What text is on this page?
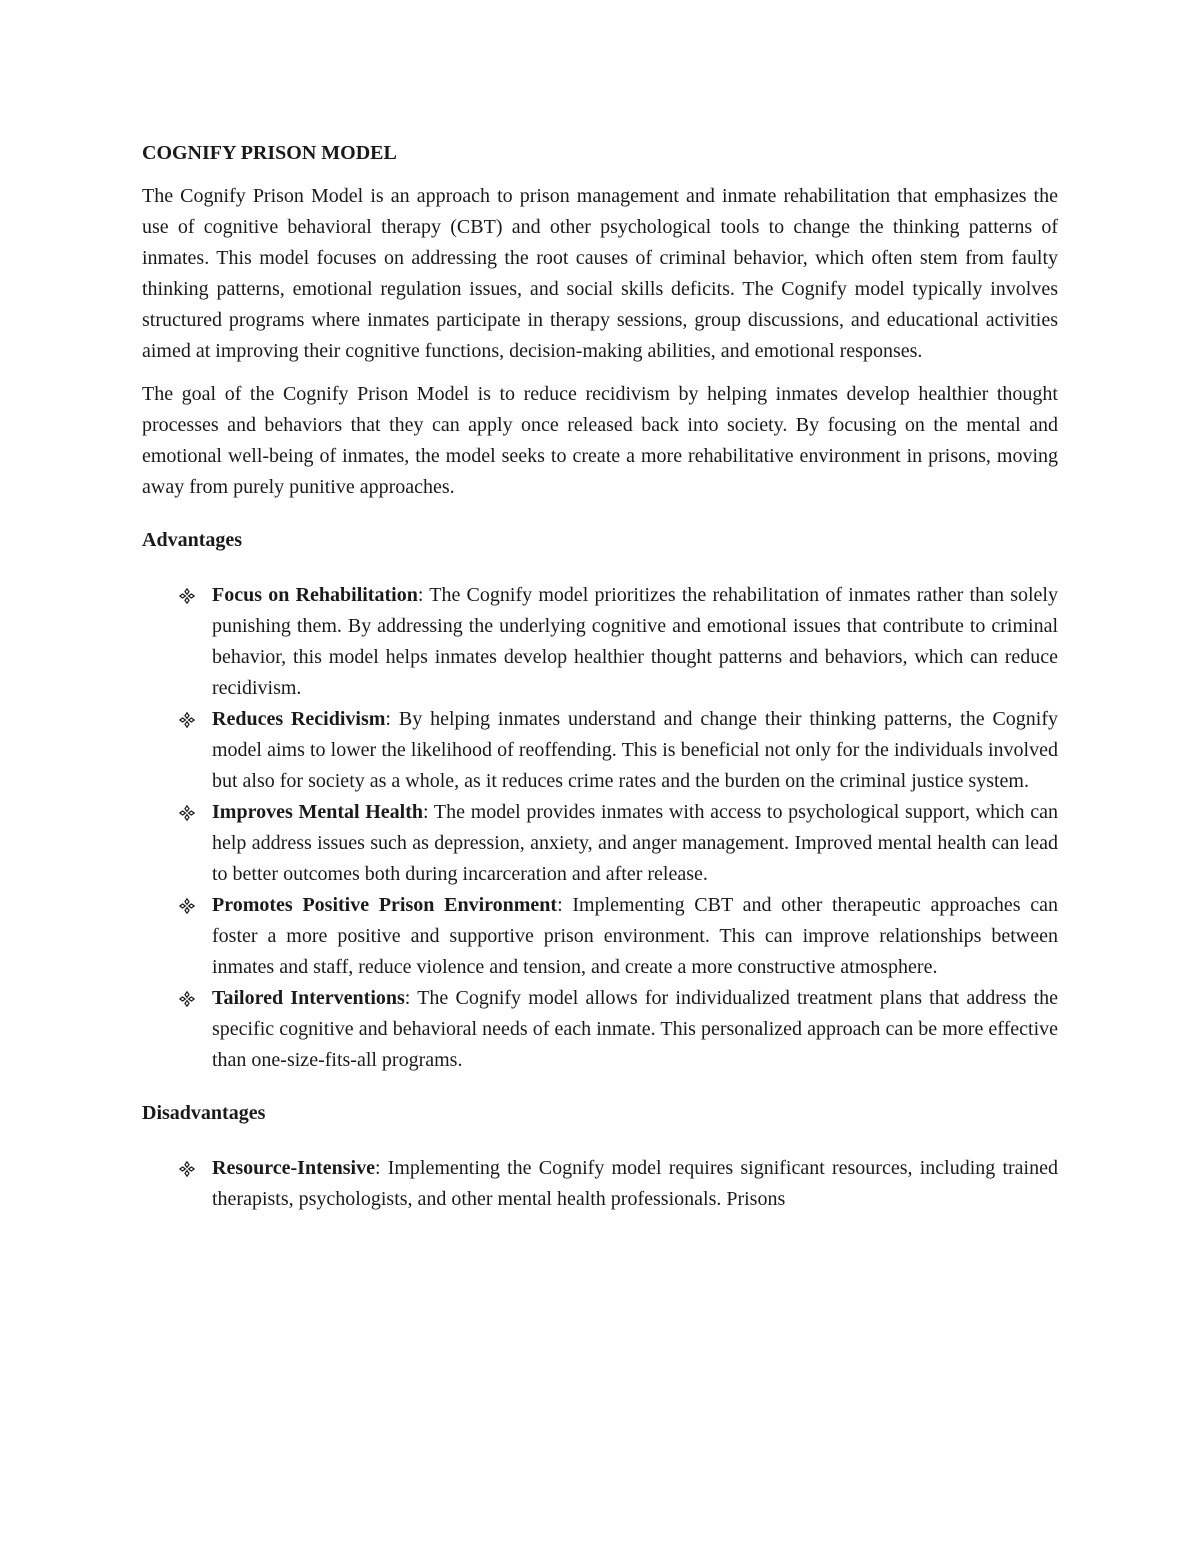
COGNIFY PRISON MODEL

The Cognify Prison Model is an approach to prison management and inmate rehabilitation that emphasizes the use of cognitive behavioral therapy (CBT) and other psychological tools to change the thinking patterns of inmates. This model focuses on addressing the root causes of criminal behavior, which often stem from faulty thinking patterns, emotional regulation issues, and social skills deficits. The Cognify model typically involves structured programs where inmates participate in therapy sessions, group discussions, and educational activities aimed at improving their cognitive functions, decision-making abilities, and emotional responses.

The goal of the Cognify Prison Model is to reduce recidivism by helping inmates develop healthier thought processes and behaviors that they can apply once released back into society. By focusing on the mental and emotional well-being of inmates, the model seeks to create a more rehabilitative environment in prisons, moving away from purely punitive approaches.

Advantages
Focus on Rehabilitation: The Cognify model prioritizes the rehabilitation of inmates rather than solely punishing them. By addressing the underlying cognitive and emotional issues that contribute to criminal behavior, this model helps inmates develop healthier thought patterns and behaviors, which can reduce recidivism.
Reduces Recidivism: By helping inmates understand and change their thinking patterns, the Cognify model aims to lower the likelihood of reoffending. This is beneficial not only for the individuals involved but also for society as a whole, as it reduces crime rates and the burden on the criminal justice system.
Improves Mental Health: The model provides inmates with access to psychological support, which can help address issues such as depression, anxiety, and anger management. Improved mental health can lead to better outcomes both during incarceration and after release.
Promotes Positive Prison Environment: Implementing CBT and other therapeutic approaches can foster a more positive and supportive prison environment. This can improve relationships between inmates and staff, reduce violence and tension, and create a more constructive atmosphere.
Tailored Interventions: The Cognify model allows for individualized treatment plans that address the specific cognitive and behavioral needs of each inmate. This personalized approach can be more effective than one-size-fits-all programs.
Disadvantages
Resource-Intensive: Implementing the Cognify model requires significant resources, including trained therapists, psychologists, and other mental health professionals. Prisons
